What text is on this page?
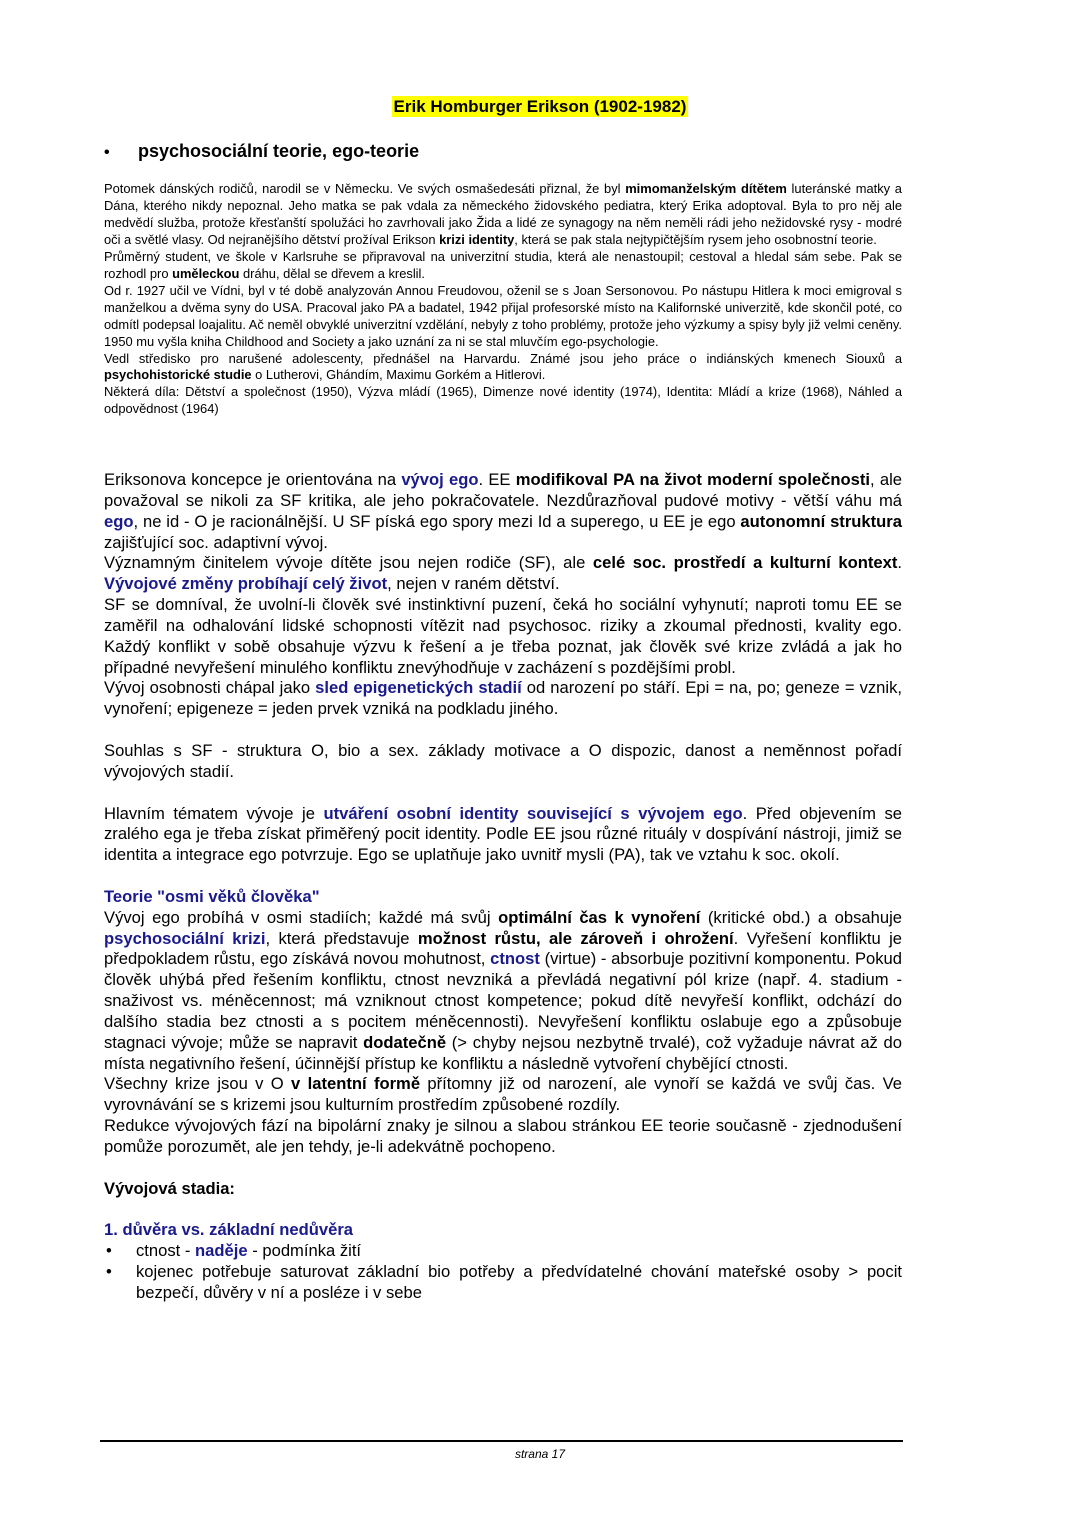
Erik Homburger Erikson (1902-1982)
• psychosociální teorie, ego-teorie

Potomek dánských rodičů, narodil se v Německu. Ve svých osmašedesáti přiznal, že byl mimomanželským dítětem luteránské matky a Dána, kterého nikdy nepoznal. Jeho matka se pak vdala za německého židovského pediatra, který Erika adoptoval. Byla to pro něj ale medvědí služba, protože křesťanští spolužáci ho zavrhovali jako Žida a lidé ze synagogy na něm neměli rádi jeho nežidovské rysy - modré oči a světlé vlasy. Od nejranějšího dětství prožíval Erikson krizi identity, která se pak stala nejtypičtějším rysem jeho osobnostní teorie.

Průměrný student, ve škole v Karlsruhe se připravoval na univerzitní studia, která ale nenastoupil; cestoval a hledal sám sebe. Pak se rozhodl pro uměleckou dráhu, dělal se dřevem a kreslil.

Od r. 1927 učil ve Vídni, byl v té době analyzován Annou Freudovou, oženil se s Joan Sersonovou. Po nástupu Hitlera k moci emigroval s manželkou a dvěma syny do USA. Pracoval jako PA a badatel, 1942 přijal profesorské místo na Kalifornské univerzitě, kde skončil poté, co odmítl podepsal loajalitu. Ač neměl obvyklé univerzitní vzdělání, nebyly z toho problémy, protože jeho výzkumy a spisy byly již velmi ceněny. 1950 mu vyšla kniha Childhood and Society a jako uznání za ni se stal mluvčím ego-psychologie.

Vedl středisko pro narušené adolescenty, přednášel na Harvardu. Známé jsou jeho práce o indiánských kmenech Siouxů a psychohistorické studie o Lutherovi, Ghándím, Maximu Gorkém a Hitlerovi.

Některá díla: Dětství a společnost (1950), Výzva mládí (1965), Dimenze nové identity (1974), Identita: Mládí a krize (1968), Náhled a odpovědnost (1964)

Eriksonova koncepce je orientována na vývoj ego. EE modifikoval PA na život moderní společnosti, ale považoval se nikoli za SF kritika, ale jeho pokračovatele. Nezdůrazňoval pudové motivy - větší váhu má ego, ne id - O je racionálnější. U SF píská ego spory mezi Id a superego, u EE je ego autonomní struktura zajišťující soc. adaptivní vývoj.

Významným činitelem vývoje dítěte jsou nejen rodiče (SF), ale celé soc. prostředí a kulturní kontext. Vývojové změny probíhají celý život, nejen v raném dětství.

SF se domníval, že uvolní-li člověk své instinktivní puzení, čeká ho sociální vyhynutí; naproti tomu EE se zaměřil na odhalování lidské schopnosti vítězit nad psychosoc. riziky a zkoumal přednosti, kvality ego. Každý konflikt v sobě obsahuje výzvu k řešení a je třeba poznat, jak člověk své krize zvládá a jak ho případné nevyřešení minulého konfliktu znevýhodňuje v zacházení s pozdějšími probl.

Vývoj osobnosti chápal jako sled epigenetických stadií od narození po stáří. Epi = na, po; geneze = vznik, vynoření; epigeneze = jeden prvek vzniká na podkladu jiného.

Souhlas s SF - struktura O, bio a sex. základy motivace a O dispozic, danost a neměnnost pořadí vývojových stadií.

Hlavním tématem vývoje je utváření osobní identity související s vývojem ego. Před objevením se zralého ega je třeba získat přiměřený pocit identity. Podle EE jsou různé rituály v dospívání nástroji, jimiž se identita a integrace ego potvrzuje. Ego se uplatňuje jako uvnitř mysli (PA), tak ve vztahu k soc. okolí.

Teorie "osmi věků člověka"

Vývoj ego probíhá v osmi stadiích; každé má svůj optimální čas k vynoření (kritické obd.) a obsahuje psychosociální krizi, která představuje možnost růstu, ale zároveň i ohrožení. Vyřešení konfliktu je předpokladem růstu, ego získává novou mohutnost, ctnost (virtue) - absorbuje pozitivní komponentu. Pokud člověk uhýbá před řešením konfliktu, ctnost nevzniká a převládá negativní pól krize (např. 4. stadium - snaživost vs. méněcennost; má vzniknout ctnost kompetence; pokud dítě nevyřeší konflikt, odchází do dalšího stadia bez ctnosti a s pocitem méněcennosti). Nevyřešení konfliktu oslabuje ego a způsobuje stagnaci vývoje; může se napravit dodatečně (> chyby nejsou nezbytně trvalé), což vyžaduje návrat až do místa negativního řešení, účinnější přístup ke konfliktu a následně vytvoření chybějící ctnosti.

Všechny krize jsou v O v latentní formě přítomny již od narození, ale vynoří se každá ve svůj čas. Ve vyrovnávání se s krizemi jsou kulturním prostředím způsobené rozdíly.

Redukce vývojových fází na bipolární znaky je silnou a slabou stránkou EE teorie současně - zjednodušení pomůže porozumět, ale jen tehdy, je-li adekvátně pochopeno.

Vývojová stadia:

1. důvěra vs. základní nedůvěra

• ctnost - naděje - podmínka žití
• kojenec potřebuje saturovat základní bio potřeby a předvídatelné chování mateřské osoby > pocit bezpečí, důvěry v ní a posléze i v sebe
strana 17
